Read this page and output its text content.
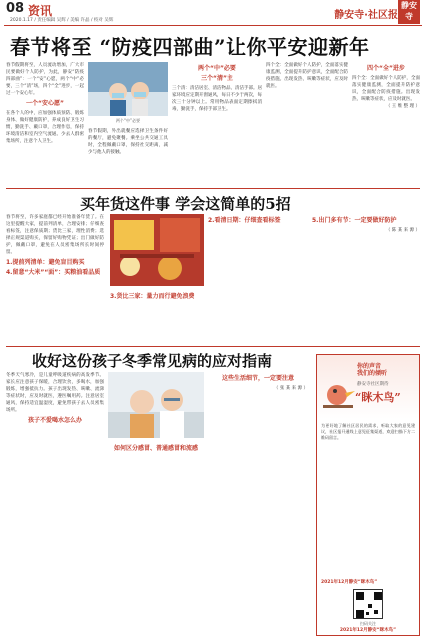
08 资讯
2020.1.17 / 责任编辑 吴辉 / 美编 许晶 / 校对 吴辉	静安寺·社区报
静安寺
春节将至 “防疫四部曲”让你平安迎新年

春节假期将至，人员流动增加，广大市民要做好个人防护，为此，静安“防疫四部曲”：一个“安”心愿，两个“中”必要，三个“清”场，四个“全”进步，一起过一个安心年。

一个“安心愿”

在各个人的中，应加强体质预防、锻炼身体、做好健康防护，养成良好卫生习惯，勤洗手、戴口罩，合理作息，保持环境清洁和室内空气流通。少去人群密集场所，注意个人卫生。

两个“中”必要

春节假期，外出就餐应选择卫生条件好的餐厅，避免聚餐。乘坐公共交通工具时，全程佩戴口罩，保持社交距离，减少与他人的接触。

两个“中”必要

三个“清”主

三个清：清洁居室、清洁物品、清洁手部。居家环境应定期开窗通风，每日不少于两次，每次三十分钟以上。常用物品表面定期擦拭消毒，勤洗手，保持手部卫生。

四个全：全面做好个人防护，全面落实健康监测，全面提升防护意识，全面配合防疫措施。出现发热、咳嗽等症状，应及时就医。

四个“全”进步

四个全：全面做好个人防护，全面落实健康监测，全面提升防护意识，全面配合防疫措施。出现发热、咳嗽等症状，应及时就医。

（ 王 维 整 理 ）

买年货这件事 学会这简单的5招

春节将至，许多家庭都已经开始准备年货了。在这里提醒大家，提前列清单，合理安排；仔细查看标签，注意保质期；货比三家，理性消费；选择正规渠道购买，保留好购物凭证；出门做好防护，佩戴口罩，避免在人员密集场所长时间停留。

1.提前列清单：避免盲目购买

4.留意“大米”“面”：买粮油看品质

3.货比三家：量力而行避免浪费

2.看清日期：仔细查看标签	5.出门多有节：一定要做好防护

（ 陈 某 来 源 ）

收好这份孩子冬季常见病的应对指南

冬季天气寒冷，是儿童呼吸道疾病的高发季节。家长应注意孩子保暖，合理饮食，多喝水，加强锻炼，增强抵抗力。孩子出现发热、咳嗽、流涕等症状时，应及时就医，遵医嘱用药。注意居室通风，保持适宜温湿度，避免带孩子去人员密集场所。

孩子不爱喝水怎么办

如何区分感冒、普通感冒和流感

这些生活细节，一定要注意

（ 张 某 来 源 ）

你的声音
我们的倾听
静安寺社区期待
“眯木鸟”
为更好地了解社区居民的需求，听取大家的意见建议，社区报开通线上意见征集渠道，欢迎扫描下方二维码留言。
2021年12月静安“眯木鸟”
扫码关注
2021年12月静安“眯木鸟”
